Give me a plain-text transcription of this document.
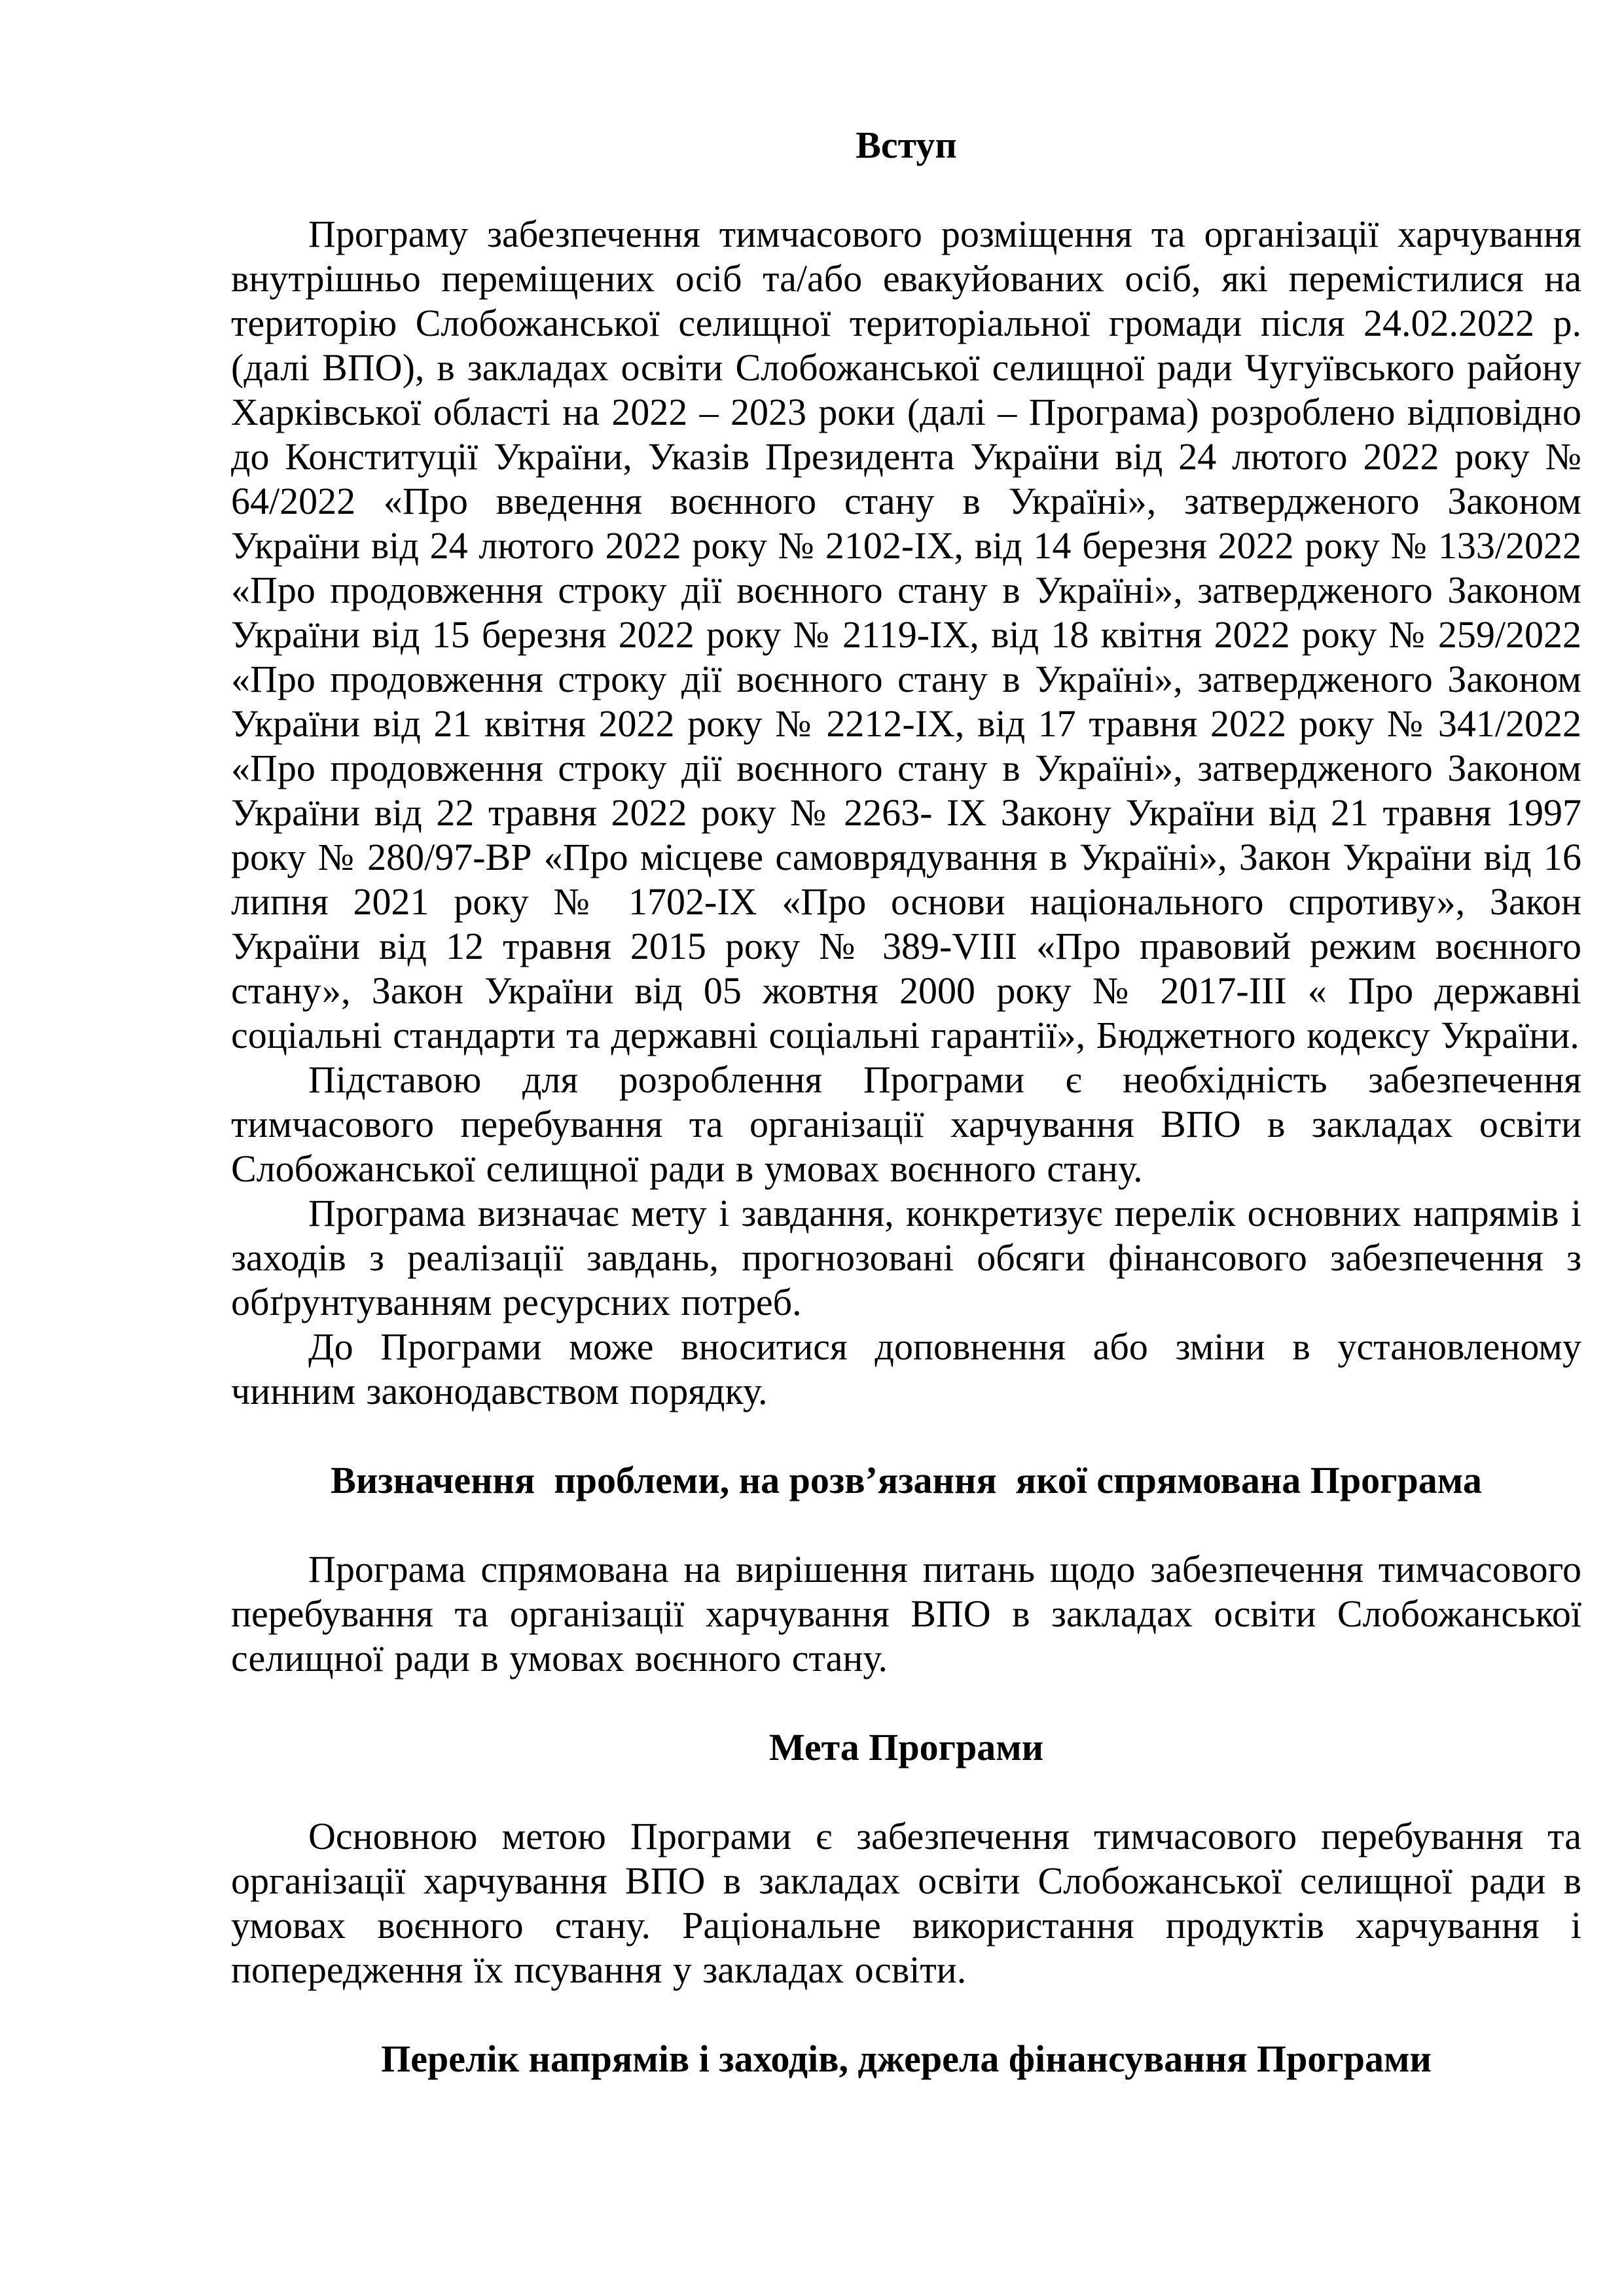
Вступ

Програму забезпечення тимчасового розміщення та організації харчування внутрішньо переміщених осіб та/або евакуйованих осіб, які перемістилися на територію Слобожанської селищної територіальної громади після 24.02.2022 р. (далі ВПО), в закладах освіти Слобожанської селищної ради Чугуївського району Харківської області на 2022 – 2023 роки (далі – Програма) розроблено відповідно до Конституції України, Указів Президента України від 24 лютого 2022 року № 64/2022 «Про введення воєнного стану в Україні», затвердженого Законом України від 24 лютого 2022 року № 2102-IX, від 14 березня 2022 року № 133/2022 «Про продовження строку дії воєнного стану в Україні», затвердженого Законом України від 15 березня 2022 року № 2119-IX, від 18 квітня 2022 року № 259/2022 «Про продовження строку дії воєнного стану в Україні», затвердженого Законом України від 21 квітня 2022 року № 2212-IX, від 17 травня 2022 року № 341/2022 «Про продовження строку дії воєнного стану в Україні», затвердженого Законом України від 22 травня 2022 року № 2263- IX Закону України від 21 травня 1997 року № 280/97-ВР «Про місцеве самоврядування в Україні», Закон України від 16 липня 2021 року № 1702-IX «Про основи національного спротиву», Закон України від 12 травня 2015 року № 389-VIII «Про правовий режим воєнного стану», Закон України від 05 жовтня 2000 року № 2017-III « Про державні соціальні стандарти та державні соціальні гарантії», Бюджетного кодексу України.

Підставою для розроблення Програми є необхідність забезпечення тимчасового перебування та організації харчування ВПО в закладах освіти Слобожанської селищної ради в умовах воєнного стану.

Програма визначає мету і завдання, конкретизує перелік основних напрямів і заходів з реалізації завдань, прогнозовані обсяги фінансового забезпечення з обґрунтуванням ресурсних потреб.

До Програми може вноситися доповнення або зміни в установленому чинним законодавством порядку.

Визначення  проблеми, на розв’язання  якої спрямована Програма

Програма спрямована на вирішення питань щодо забезпечення тимчасового перебування та організації харчування ВПО в закладах освіти Слобожанської селищної ради в умовах воєнного стану.

Мета Програми

Основною метою Програми є забезпечення тимчасового перебування та організації харчування ВПО в закладах освіти Слобожанської селищної ради в умовах воєнного стану. Раціональне використання продуктів харчування і попередження їх псування у закладах освіти.

Перелік напрямів і заходів, джерела фінансування Програми
